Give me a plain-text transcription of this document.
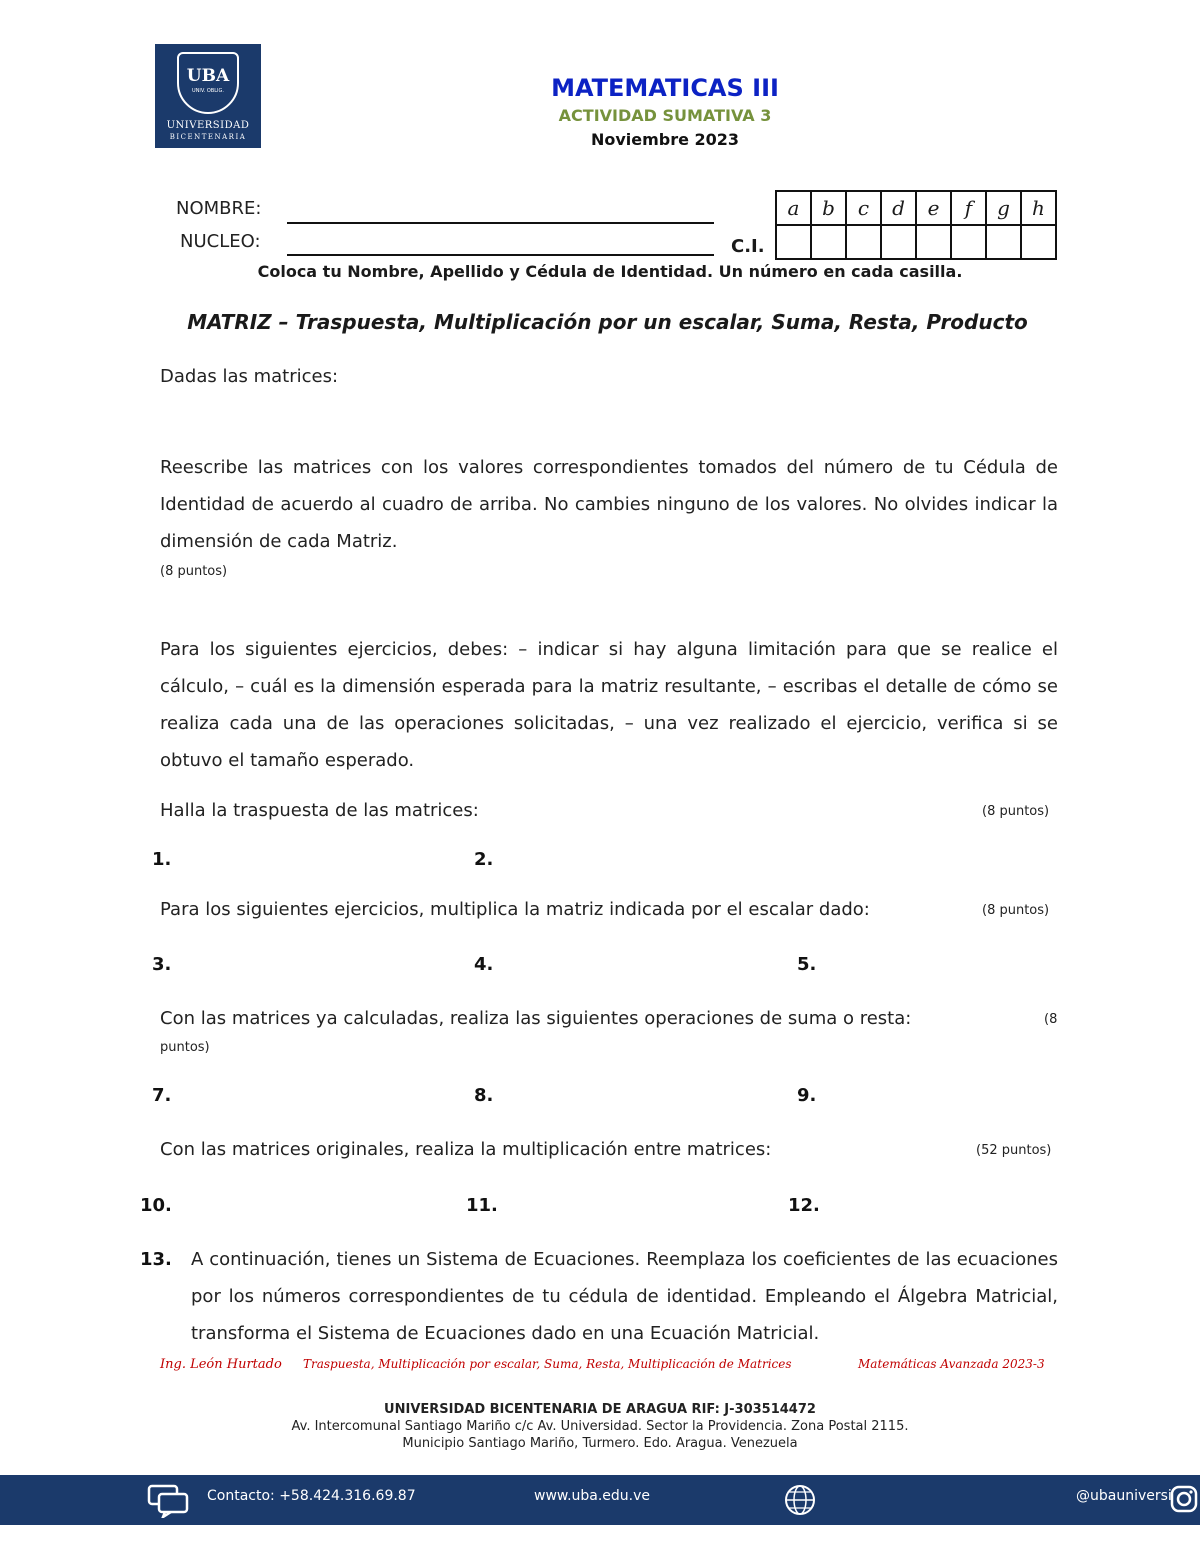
UBA
UNIV. OBLIG.
UNIVERSIDAD
BICENTENARIA
MATEMATICAS III
ACTIVIDAD SUMATIVA 3
Noviembre 2023
NOMBRE:
NUCLEO:	C.I.
a	b	c	d	e	f	g	h

Coloca tu Nombre, Apellido y Cédula de Identidad. Un número en cada casilla.
MATRIZ – Traspuesta, Multiplicación por un escalar, Suma, Resta, Producto
Dadas las matrices:
Reescribe las matrices con los valores correspondientes tomados del número de tu Cédula de Identidad de acuerdo al cuadro de arriba. No cambies ninguno de los valores. No olvides indicar la dimensión de cada Matriz.
(8 puntos)
Para los siguientes ejercicios, debes: – indicar si hay alguna limitación para que se realice el cálculo, – cuál es la dimensión esperada para la matriz resultante, – escribas el detalle de cómo se realiza cada una de las operaciones solicitadas, – una vez realizado el ejercicio, verifica si se obtuvo el tamaño esperado.
Halla la traspuesta de las matrices:	(8 puntos)
1.	2.
Para los siguientes ejercicios, multiplica la matriz indicada por el escalar dado:	(8 puntos)
3.	4.	5.
Con las matrices ya calculadas, realiza las siguientes operaciones de suma o resta:	(8
puntos)
7.	8.	9.
Con las matrices originales, realiza la multiplicación entre matrices:	(52 puntos)
10.	11.	12.
13. A continuación, tienes un Sistema de Ecuaciones. Reemplaza los coeficientes de las ecuaciones por los números correspondientes de tu cédula de identidad. Empleando el Álgebra Matricial, transforma el Sistema de Ecuaciones dado en una Ecuación Matricial.
Ing. León Hurtado Traspuesta, Multiplicación por escalar, Suma, Resta, Multiplicación de Matrices	Matemáticas Avanzada 2023-3
UNIVERSIDAD BICENTENARIA DE ARAGUA RIF: J-303514472
Av. Intercomunal Santiago Mariño c/c Av. Universidad. Sector la Providencia. Zona Postal 2115.
Municipio Santiago Mariño, Turmero. Edo. Aragua. Venezuela
Contacto: +58.424.316.69.87	www.uba.edu.ve	@ubauniversi
